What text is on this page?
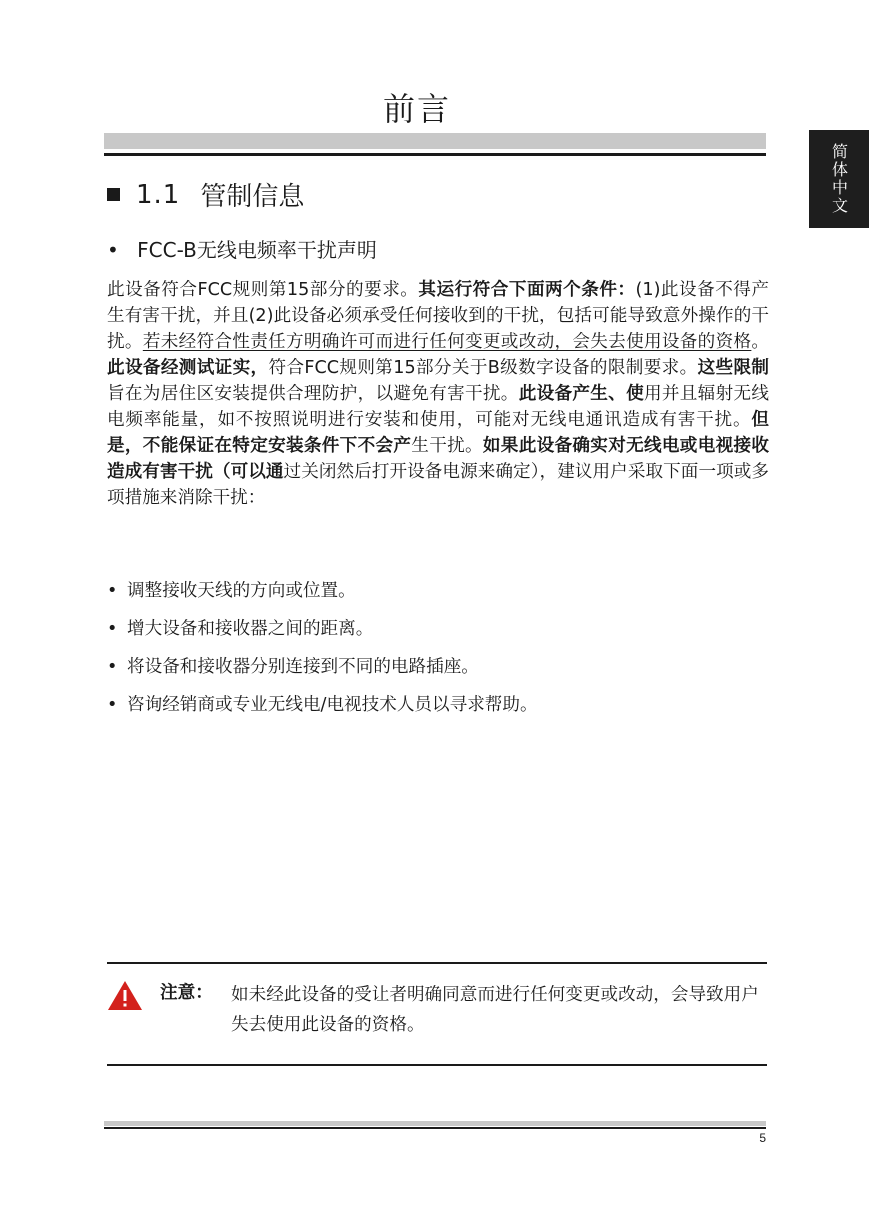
前言
简体中文
1.1 管制信息
• FCC-B无线电频率干扰声明
此设备符合FCC规则第15部分的要求。其运行符合下面两个条件：(1)此设备不得产生有害干扰，并且(2)此设备必须承受任何接收到的干扰，包括可能导致意外操作的干扰。若未经符合性责任方明确许可而进行任何变更或改动，会失去使用设备的资格。此设备经测试证实，符合FCC规则第15部分关于B级数字设备的限制要求。这些限制旨在为居住区安装提供合理防护，以避免有害干扰。此设备产生、使用并且辐射无线电频率能量，如不按照说明进行安装和使用，可能对无线电通讯造成有害干扰。但是，不能保证在特定安装条件下不会产生干扰。如果此设备确实对无线电或电视接收造成有害干扰（可以通过关闭然后打开设备电源来确定），建议用户采取下面一项或多项措施来消除干扰：
• 调整接收天线的方向或位置。
• 增大设备和接收器之间的距离。
• 将设备和接收器分别连接到不同的电路插座。
• 咨询经销商或专业无线电/电视技术人员以寻求帮助。
注意： 如未经此设备的受让者明确同意而进行任何变更或改动，会导致用户失去使用此设备的资格。
5
